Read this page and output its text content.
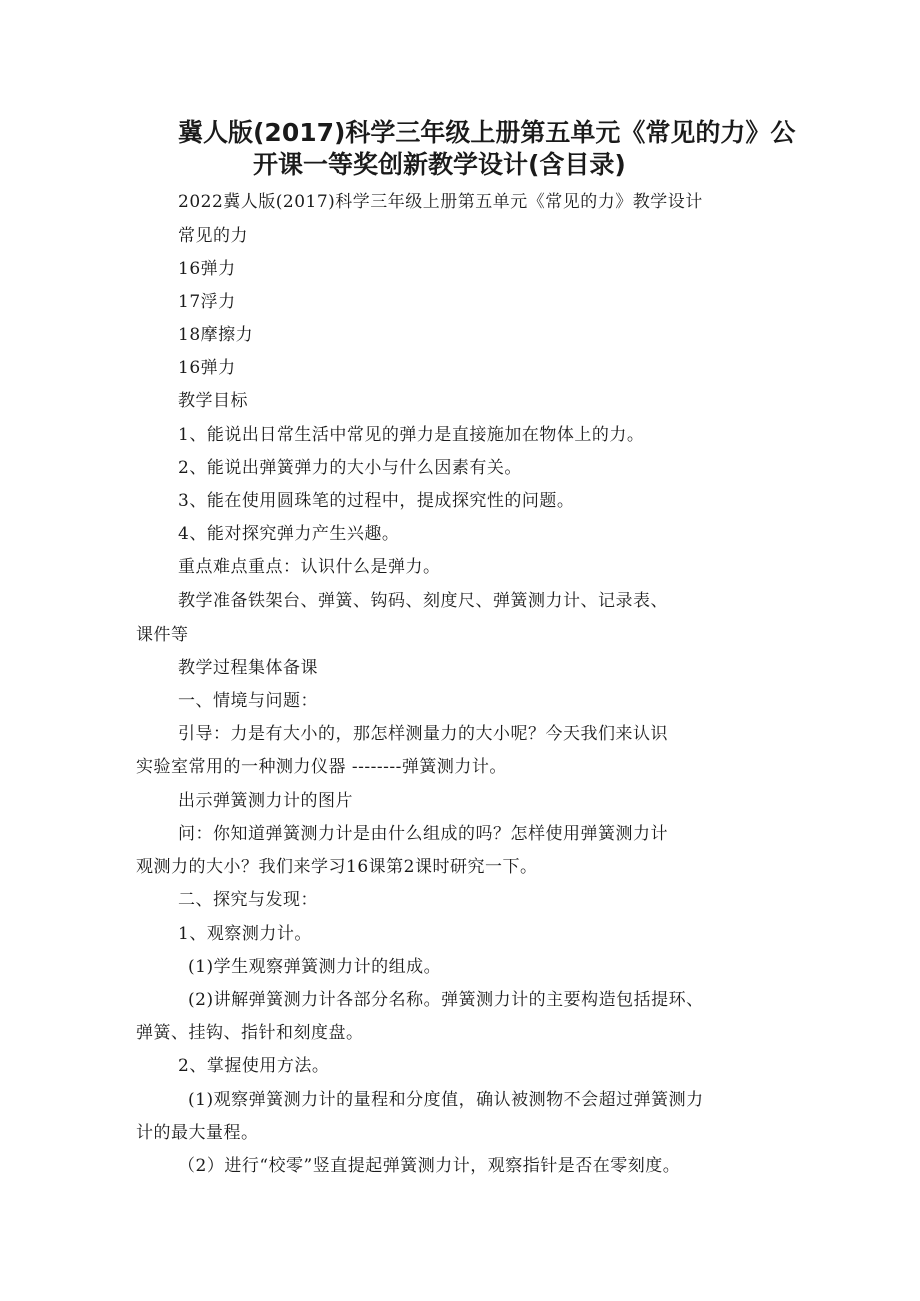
冀人版(2017)科学三年级上册第五单元《常见的力》公
开课一等奖创新教学设计(含目录)
2022冀人版(2017)科学三年级上册第五单元《常见的力》教学设计
常见的力
16弹力
17浮力
18摩擦力
16弹力
教学目标
1、能说出日常生活中常见的弹力是直接施加在物体上的力。
2、能说出弹簧弹力的大小与什么因素有关。
3、能在使用圆珠笔的过程中，提成探究性的问题。
4、能对探究弹力产生兴趣。
重点难点重点：认识什么是弹力。
教学准备铁架台、弹簧、钩码、刻度尺、弹簧测力计、记录表、
课件等
教学过程集体备课
一、情境与问题：
引导：力是有大小的，那怎样测量力的大小呢？今天我们来认识
实验室常用的一种测力仪器 --------弹簧测力计。
出示弹簧测力计的图片
问：你知道弹簧测力计是由什么组成的吗？怎样使用弹簧测力计
观测力的大小？我们来学习16课第2课时研究一下。
二、探究与发现：
1、观察测力计。
(1)学生观察弹簧测力计的组成。
(2)讲解弹簧测力计各部分名称。弹簧测力计的主要构造包括提环、
弹簧、挂钩、指针和刻度盘。
2、掌握使用方法。
(1)观察弹簧测力计的量程和分度值，确认被测物不会超过弹簧测力
计的最大量程。
（2）进行“校零”竖直提起弹簧测力计，观察指针是否在零刻度。
